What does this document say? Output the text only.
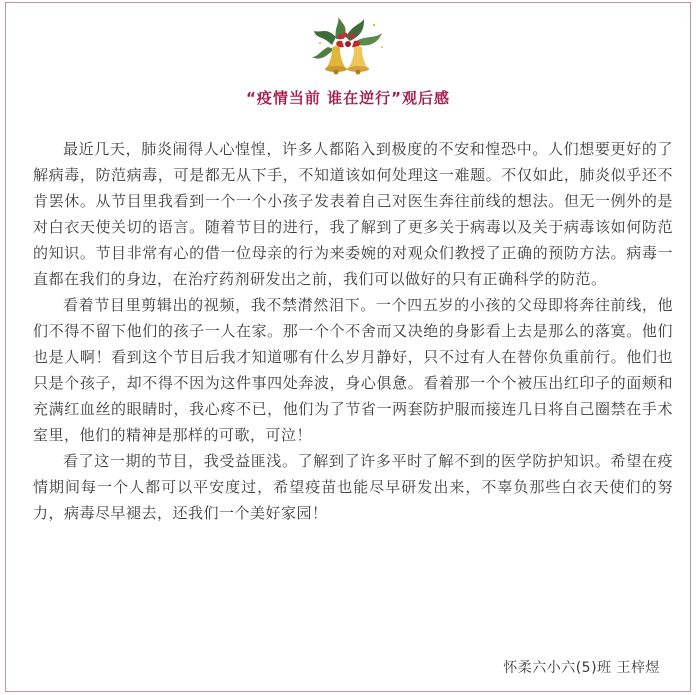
“疫情当前 谁在逆行”观后感

最近几天，肺炎闹得人心惶惶，许多人都陷入到极度的不安和惶恐中。人们想要更好的了解病毒，防范病毒，可是都无从下手，不知道该如何处理这一难题。不仅如此，肺炎似乎还不肯罢休。从节目里我看到一个一个小孩子发表着自己对医生奔往前线的想法。但无一例外的是对白衣天使关切的语言。随着节目的进行，我了解到了更多关于病毒以及关于病毒该如何防范的知识。节目非常有心的借一位母亲的行为来委婉的对观众们教授了正确的预防方法。病毒一直都在我们的身边，在治疗药剂研发出之前，我们可以做好的只有正确科学的防范。

看着节目里剪辑出的视频，我不禁潸然泪下。一个四五岁的小孩的父母即将奔往前线，他们不得不留下他们的孩子一人在家。那一个个不舍而又决绝的身影看上去是那么的落寞。他们也是人啊！看到这个节目后我才知道哪有什么岁月静好，只不过有人在替你负重前行。他们也只是个孩子，却不得不因为这件事四处奔波，身心俱惫。看着那一个个被压出红印子的面颊和充满红血丝的眼睛时，我心疼不已，他们为了节省一两套防护服而接连几日将自己圈禁在手术室里，他们的精神是那样的可歌，可泣！

看了这一期的节目，我受益匪浅。了解到了许多平时了解不到的医学防护知识。希望在疫情期间每一个人都可以平安度过，希望疫苗也能尽早研发出来，不辜负那些白衣天使们的努力，病毒尽早褪去，还我们一个美好家园！

怀柔六小六(5)班 王梓煜
